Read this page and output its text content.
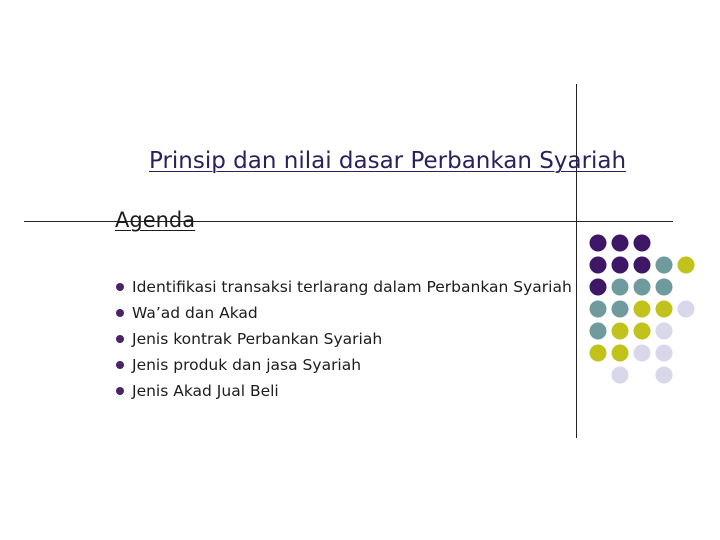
Prinsip dan nilai dasar Perbankan Syariah
Agenda
Identifikasi transaksi terlarang dalam Perbankan Syariah
Wa’ad dan Akad
Jenis kontrak Perbankan Syariah
Jenis produk dan jasa Syariah
Jenis Akad Jual Beli
